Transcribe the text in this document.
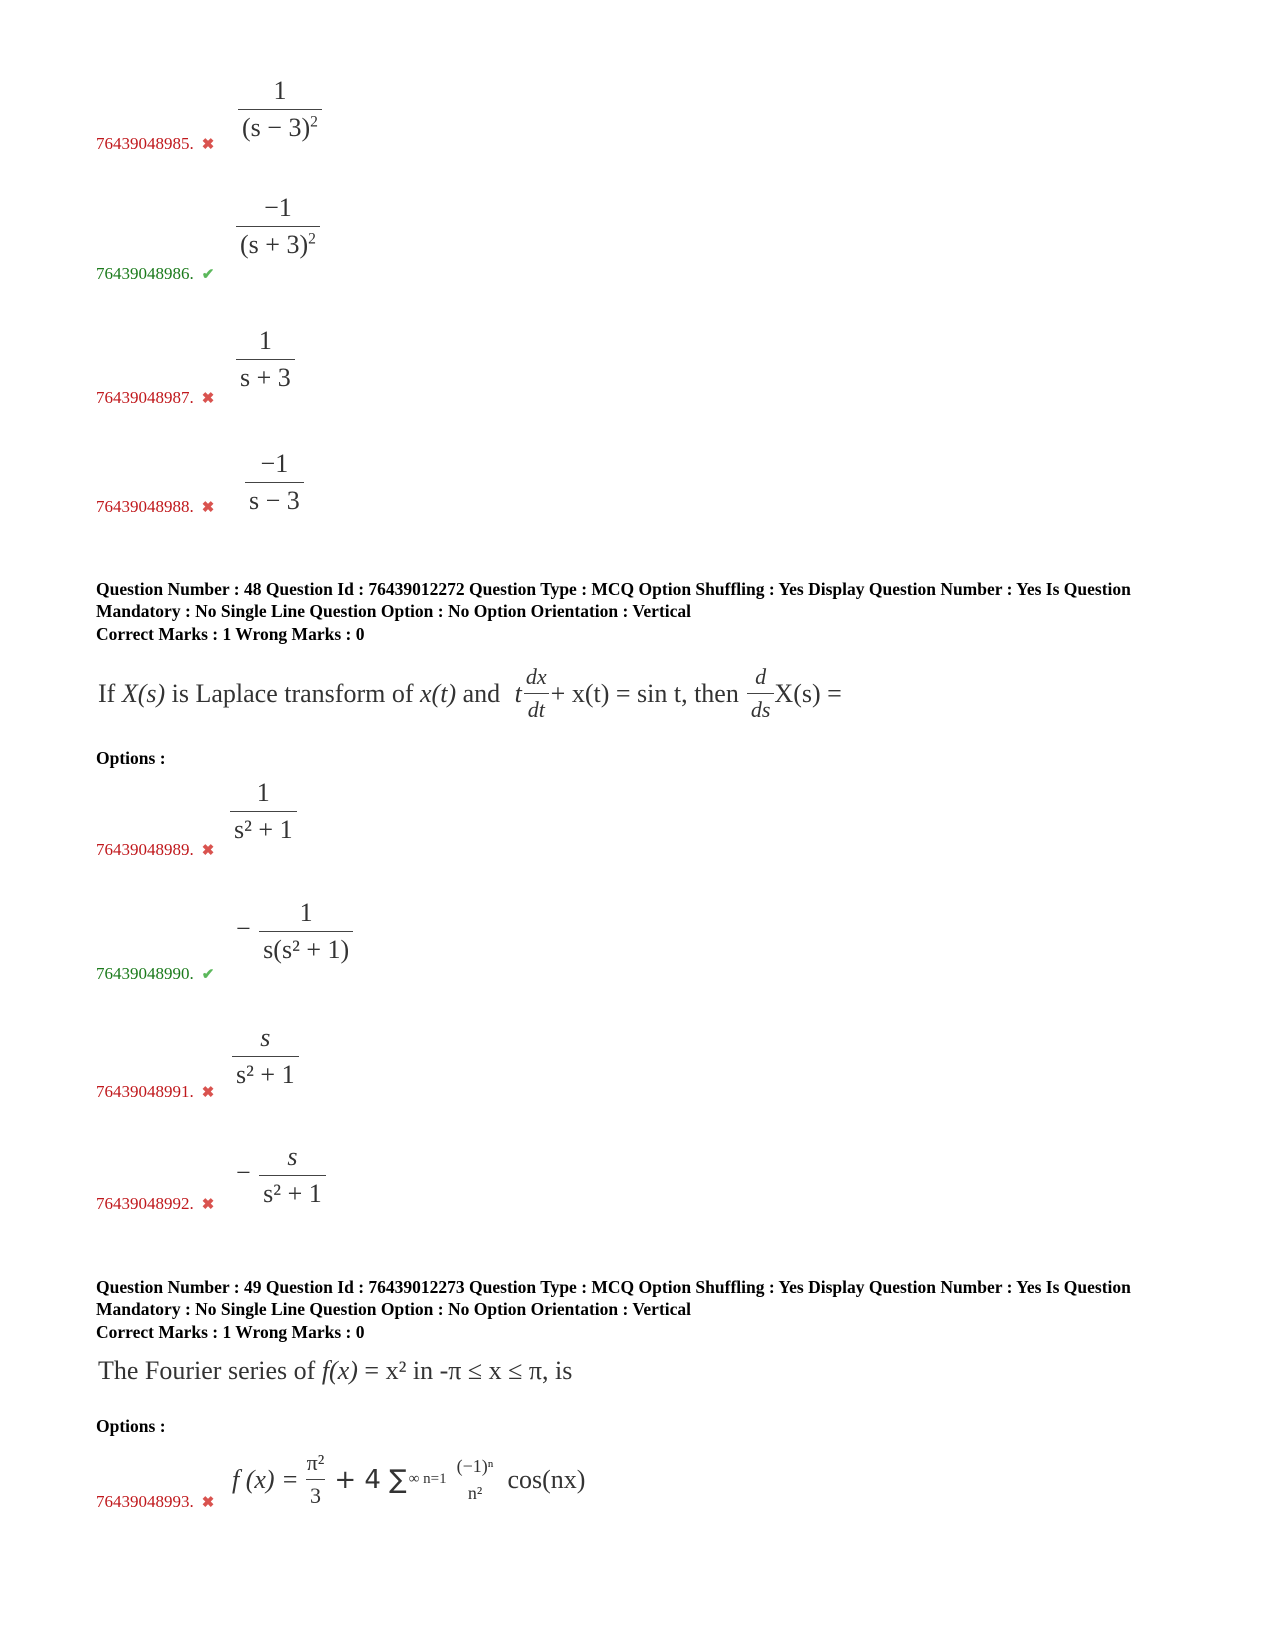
$\frac{1}{(s - 3)^2}$
76439048985. ✖
$\frac{-1}{(s + 3)^2}$
76439048986. ✔
$\frac{1}{s + 3}$
76439048987. ✖
$\frac{-1}{s - 3}$
76439048988. ✖
Question Number : 48 Question Id : 76439012272 Question Type : MCQ Option Shuffling : Yes Display Question Number : Yes Is Question Mandatory : No Single Line Question Option : No Option Orientation : Vertical
Correct Marks : 1 Wrong Marks : 0
If X(s) is Laplace transform of x(t) and t $\frac{dx}{dt} + x(t) = \sin t$, then $\frac{d}{ds} X(s)$ =
Options :
$\frac{1}{\text{s² + 1}}$
76439048989. ✖
− $\frac{1}{\text{s(s² + 1)}}$
76439048990. ✔
$\frac{s}{\text{s² + 1}}$
76439048991. ✖
− $\frac{s}{\text{s² + 1}}$
76439048992. ✖
Question Number : 49 Question Id : 76439012273 Question Type : MCQ Option Shuffling : Yes Display Question Number : Yes Is Question Mandatory : No Single Line Question Option : No Option Orientation : Vertical
Correct Marks : 1 Wrong Marks : 0
The Fourier series of f(x) = x² in -π ≤ x ≤ π, is
Options :
f $(x) = \frac{\text{π²}}{3} + 4$ ∑ ∞ n=1
(−1)ⁿ
n² cos(nx)
76439048993. ✖
